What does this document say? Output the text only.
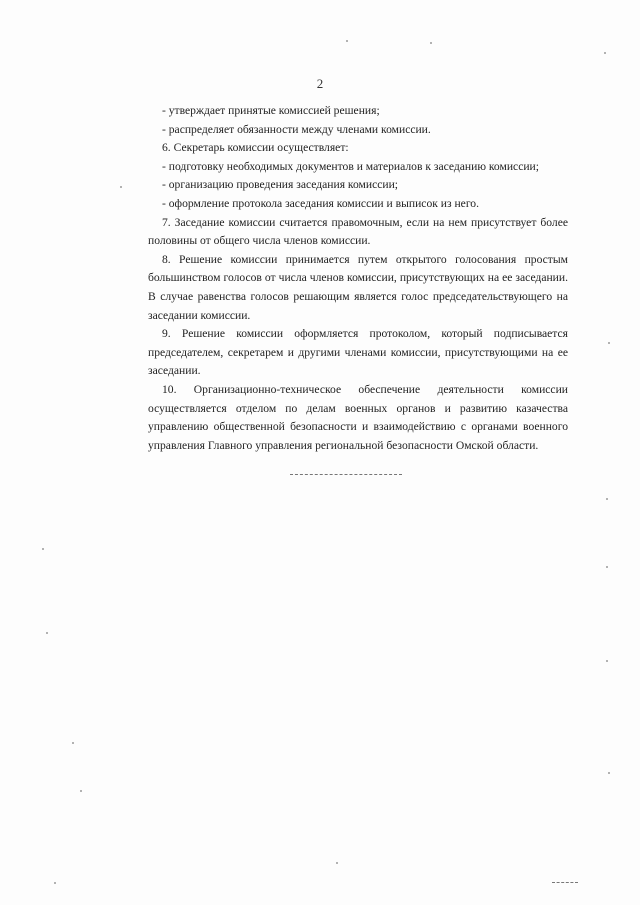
2

- утверждает принятые комиссией решения;

- распределяет обязанности между членами комиссии.

6. Секретарь комиссии осуществляет:

- подготовку необходимых документов и материалов к заседанию комиссии;

- организацию проведения заседания комиссии;

- оформление протокола заседания комиссии и выписок из него.

7. Заседание комиссии считается правомочным, если на нем присутствует более половины от общего числа членов комиссии.

8. Решение комиссии принимается путем открытого голосования простым большинством голосов от числа членов комиссии, присутствующих на ее заседании. В случае равенства голосов решающим является голос председательствующего на заседании комиссии.

9. Решение комиссии оформляется протоколом, который подписывается председателем, секретарем и другими членами комиссии, присутствующими на ее заседании.

10. Организационно-техническое обеспечение деятельности комиссии осуществляется отделом по делам военных органов и развитию казачества управлению общественной безопасности и взаимодействию с органами военного управления Главного управления региональной безопасности Омской области.
